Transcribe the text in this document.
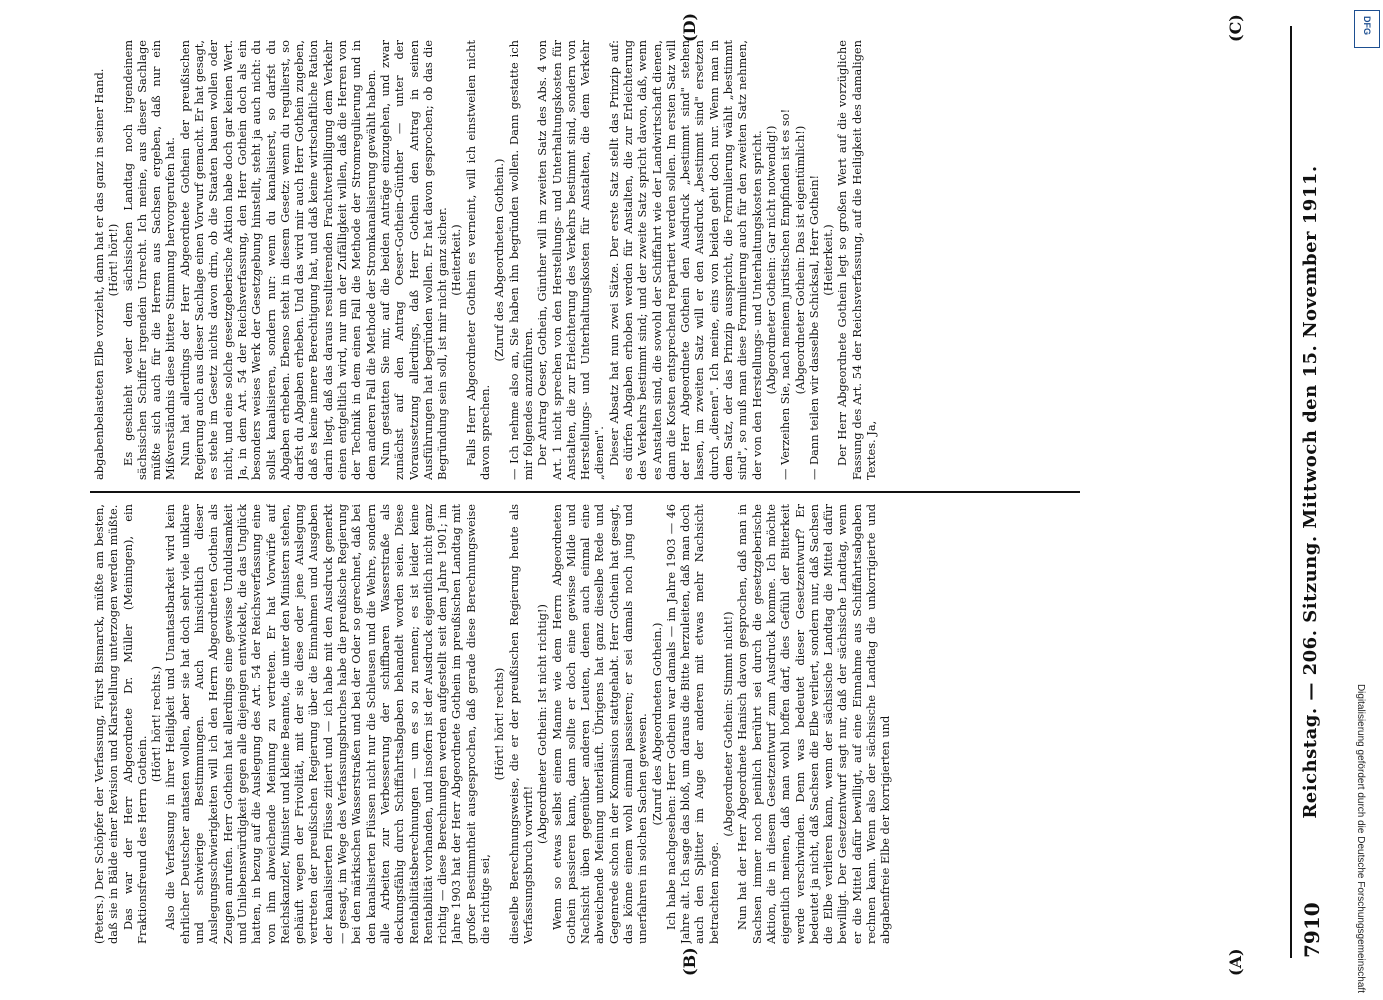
7910
Reichstag. — 206. Sitzung. Mittwoch den 15. November 1911.
(A)
(B)
(C)
(D)

(Peters.) Der Schöpfer der Verfassung, Fürst Bismarck, müßte am besten, daß sie in Bälde einer Revision und Klarstellung unterzogen werden müßte. Das war der Herr Abgeordnete Dr. Müller (Meiningen), ein Fraktionsfreund des Herrn Gothein.

(Hört! hört! rechts.) Also die Verfassung in ihrer Heiligkeit und Unantastbarkeit wird kein ehrlicher Deutscher antasten wollen, aber sie hat doch sehr viele unklare und schwierige Bestimmungen. Auch hinsichtlich dieser Auslegungsschwierigkeiten will ich den Herrn Abgeordneten Gothein als Zeugen anrufen. Herr Gothein hat allerdings eine gewisse Unduldsamkeit und Unliebenswürdigkeit gegen alle diejenigen entwickelt, die das Unglück hatten, in bezug auf die Auslegung des Art. 54 der Reichsverfassung eine von ihm abweichende Meinung zu vertreten. Er hat Vorwürfe auf Reichskanzler, Minister und kleine Beamte, die unter den Ministern stehen, gehäuft wegen der Frivolität, mit der sie diese oder jene Auslegung vertreten der preußischen Regierung über die Einnahmen und Ausgaben der kanalisierten Flüsse zitiert und — ich habe mit den Ausdruck gemerkt — gesagt, im Wege des Verfassungsbruches habe die preußische Regierung bei den märkischen Wasserstraßen und bei der Oder so gerechnet, daß bei den kanalisierten Flüssen nicht nur die Schleusen und die Wehre, sondern alle Arbeiten zur Verbesserung der schiffbaren Wasserstraße als deckungsfähig durch Schiffahrtsabgaben behandelt worden seien. Diese Rentabilitätsberechnungen — um es so zu nennen; es ist leider keine Rentabilität vorhanden, und insofern ist der Ausdruck eigentlich nicht ganz richtig — diese Berechnungen werden aufgestellt seit dem Jahre 1901; im Jahre 1903 hat der Herr Abgeordnete Gothein im preußischen Landtag mit großer Bestimmtheit ausgesprochen, daß gerade diese Berechnungsweise die richtige sei,

(Hört! hört! rechts) dieselbe Berechnungsweise, die er der preußischen Regierung heute als Verfassungsbruch vorwirft!

(Abgeordneter Gothein: Ist nicht richtig!) Wenn so etwas selbst einem Manne wie dem Herrn Abgeordneten Gothein passieren kann, dann sollte er doch eine gewisse Milde und Nachsicht üben gegenüber anderen Leuten, denen auch einmal eine abweichende Meinung unterläuft. Übrigens hat ganz dieselbe Rede und Gegenrede schon in der Kommission stattgehabt. Herr Gothein hat gesagt, das könne einem wohl einmal passieren; er sei damals noch jung und unerfahren in solchen Sachen gewesen. (Zuruf des Abgeordneten Gothein.) Ich habe nachgesehen: Herr Gothein war damals — im Jahre 1903 — 46 Jahre alt. Ich sage das bloß, um daraus die Bitte herzuleiten, daß man doch auch den Splitter im Auge der anderen mit etwas mehr Nachsicht betrachten möge.

(Abgeordneter Gothein: Stimmt nicht!) Nun hat der Herr Abgeordnete Hanisch davon gesprochen, daß man in Sachsen immer noch peinlich berührt sei durch die gesetzgeberische Aktion, die in diesem Gesetzentwurf zum Ausdruck komme. Ich möchte eigentlich meinen, daß man wohl hoffen darf, dies Gefühl der Bitterkeit werde verschwinden. Denn was bedeutet dieser Gesetzentwurf? Er bedeutet ja nicht, daß Sachsen die Elbe verliert, sondern nur, daß Sachsen die Elbe verlieren kann, wenn der sächsische Landtag die Mittel dafür bewilligt. Der Gesetzentwurf sagt nur, daß der sächsische Landtag, wenn er die Mittel dafür bewilligt, auf eine Einnahme aus Schiffahrtsabgaben rechnen kann. Wenn also der sächsische Landtag die unkorrigierte und abgabenfreie Elbe der korrigierten und

abgabenbelasteten Elbe vorzieht, dann hat er das ganz in seiner Hand. (Hört! hört!) Es geschieht weder dem sächsischen Landtag noch irgendeinem sächsischen Schiffer irgendein Unrecht. Ich meine, aus dieser Sachlage müßte sich auch für die Herren aus Sachsen ergeben, daß nur ein Mißverständnis diese bittere Stimmung hervorgerufen hat. Nun hat allerdings der Herr Abgeordnete Gothein der preußischen Regierung auch aus dieser Sachlage einen Vorwurf gemacht. Er hat gesagt, es stehe im Gesetz nichts davon drin, ob die Staaten bauen wollen oder nicht, und eine solche gesetzgeberische Aktion habe doch gar keinen Wert. Ja, in dem Art. 54 der Reichsverfassung, den Herr Gothein doch als ein besonders weises Werk der Gesetzgebung hinstellt, steht ja auch nicht: du sollst kanalisieren, sondern nur: wenn du kanalisierst, so darfst du Abgaben erheben. Ebenso steht in diesem Gesetz: wenn du regulierst, so darfst du Abgaben erheben. Und das wird mir auch Herr Gothein zugeben, daß es keine innere Berechtigung hat, und daß keine wirtschaftliche Ration darin liegt, daß das daraus resultierenden Frachtverbilligung dem Verkehr einen entgeltlich wird, nur um der Zufälligkeit willen, daß die Herren von der Technik in dem einen Fall die Methode der Stromregulierung und in dem anderen Fall die Methode der Stromkanalisierung gewählt haben. Nun gestatten Sie mir, auf die beiden Anträge einzugehen, und zwar zunächst auf den Antrag Oeser-Gothein-Günther — unter der Voraussetzung allerdings, daß Herr Gothein den Antrag in seinen Ausführungen hat begründen wollen. Er hat davon gesprochen; ob das die Begründung sein soll, ist mir nicht ganz sicher. (Heiterkeit.) Falls Herr Abgeordneter Gothein es verneint, will ich einstweilen nicht davon sprechen.

(Zuruf des Abgeordneten Gothein.) — Ich nehme also an, Sie haben ihn begründen wollen. Dann gestatte ich mir folgendes anzuführen. Der Antrag Oeser, Gothein, Günther will im zweiten Satz des Abs. 4 von Art. 1 nicht sprechen von den Herstellungs- und Unterhaltungskosten für Anstalten, die zur Erleichterung des Verkehrs bestimmt sind, sondern von Herstellungs- und Unterhaltungskosten für Anstalten, die dem Verkehr „dienen". Dieser Absatz hat nun zwei Sätze. Der erste Satz stellt das Prinzip auf: es dürfen Abgaben erhoben werden für Anstalten, die zur Erleichterung des Verkehrs bestimmt sind; und der zweite Satz spricht davon, daß, wenn es Anstalten sind, die sowohl der Schiffahrt wie der Landwirtschaft dienen, dann die Kosten entsprechend repartiert werden sollen. Im ersten Satz will der Herr Abgeordnete Gothein den Ausdruck „bestimmt sind" stehen lassen, im zweiten Satz will er den Ausdruck „bestimmt sind" ersetzen durch „dienen". Ich meine, eins von beiden geht doch nur. Wenn man in dem Satz, der das Prinzip ausspricht, die Formulierung wählt „bestimmt sind", so muß man diese Formulierung auch für den zweiten Satz nehmen, der von den Herstellungs- und Unterhaltungskosten spricht. (Abgeordneter Gothein: Gar nicht notwendig!) — Verzeihen Sie, nach meinem juristischen Empfinden ist es so! (Abgeordneter Gothein: Das ist eigentümlich!) — Dann teilen wir dasselbe Schicksal, Herr Gothein! (Heiterkeit.) Der Herr Abgeordnete Gothein legt so großen Wert auf die vorzügliche Fassung des Art. 54 der Reichsverfassung, auf die Heiligkeit des damaligen Textes. Ja,

DFG
Digitalisierung gefördert durch die Deutsche Forschungsgemeinschaft
